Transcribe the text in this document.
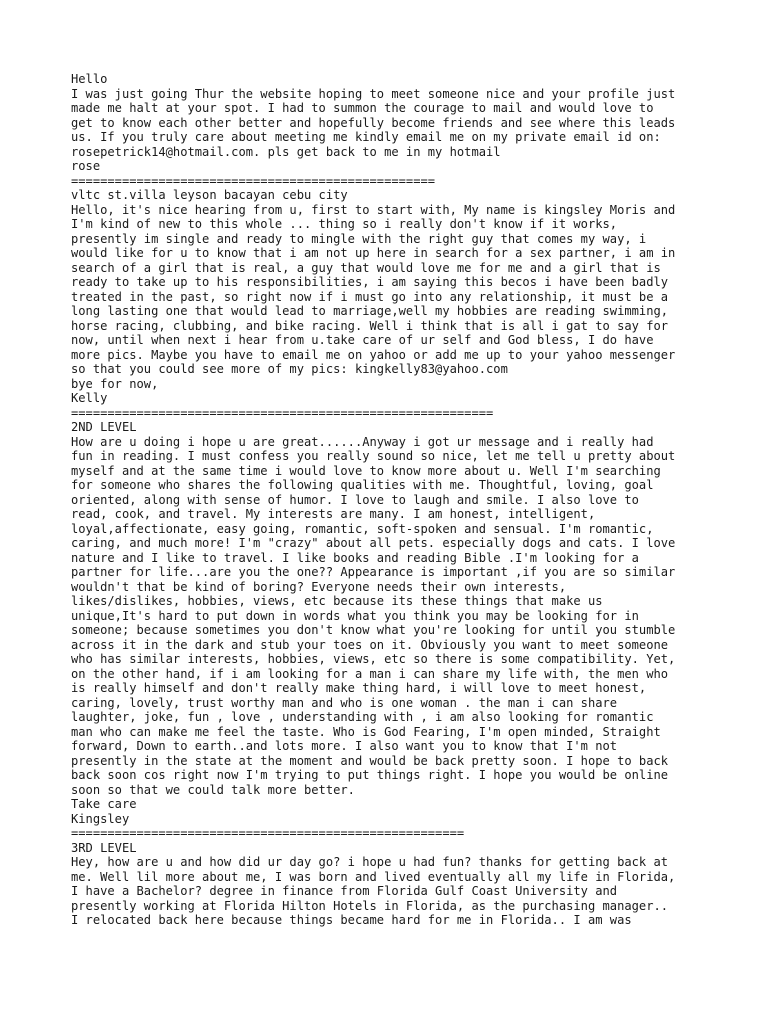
Hello
I was just going Thur the website hoping to meet someone nice and your profile just
made me halt at your spot. I had to summon the courage to mail and would love to
get to know each other better and hopefully become friends and see where this leads
us. If you truly care about meeting me kindly email me on my private email id on:
rosepetrick14@hotmail.com. pls get back to me in my hotmail
rose
==================================================
vltc st.villa leyson bacayan cebu city
Hello, it's nice hearing from u, first to start with, My name is kingsley Moris and
I'm kind of new to this whole ... thing so i really don't know if it works,
presently im single and ready to mingle with the right guy that comes my way, i
would like for u to know that i am not up here in search for a sex partner, i am in
search of a girl that is real, a guy that would love me for me and a girl that is
ready to take up to his responsibilities, i am saying this becos i have been badly
treated in the past, so right now if i must go into any relationship, it must be a
long lasting one that would lead to marriage,well my hobbies are reading swimming,
horse racing, clubbing, and bike racing. Well i think that is all i gat to say for
now, until when next i hear from u.take care of ur self and God bless, I do have
more pics. Maybe you have to email me on yahoo or add me up to your yahoo messenger
so that you could see more of my pics: kingkelly83@yahoo.com
bye for now,
Kelly
==========================================================
2ND LEVEL
How are u doing i hope u are great......Anyway i got ur message and i really had
fun in reading. I must confess you really sound so nice, let me tell u pretty about
myself and at the same time i would love to know more about u. Well I'm searching
for someone who shares the following qualities with me. Thoughtful, loving, goal
oriented, along with sense of humor. I love to laugh and smile. I also love to
read, cook, and travel. My interests are many. I am honest, intelligent,
loyal,affectionate, easy going, romantic, soft-spoken and sensual. I'm romantic,
caring, and much more! I'm "crazy" about all pets. especially dogs and cats. I love
nature and I like to travel. I like books and reading Bible .I'm looking for a
partner for life...are you the one?? Appearance is important ,if you are so similar
wouldn't that be kind of boring? Everyone needs their own interests,
likes/dislikes, hobbies, views, etc because its these things that make us
unique,It's hard to put down in words what you think you may be looking for in
someone; because sometimes you don't know what you're looking for until you stumble
across it in the dark and stub your toes on it. Obviously you want to meet someone
who has similar interests, hobbies, views, etc so there is some compatibility. Yet,
on the other hand, if i am looking for a man i can share my life with, the men who
is really himself and don't really make thing hard, i will love to meet honest,
caring, lovely, trust worthy man and who is one woman . the man i can share
laughter, joke, fun , love , understanding with , i am also looking for romantic
man who can make me feel the taste. Who is God Fearing, I'm open minded, Straight
forward, Down to earth..and lots more. I also want you to know that I'm not
presently in the state at the moment and would be back pretty soon. I hope to back
back soon cos right now I'm trying to put things right. I hope you would be online
soon so that we could talk more better.
Take care
Kingsley
======================================================
3RD LEVEL
Hey, how are u and how did ur day go? i hope u had fun? thanks for getting back at
me. Well lil more about me, I was born and lived eventually all my life in Florida,
I have a Bachelor? degree in finance from Florida Gulf Coast University and
presently working at Florida Hilton Hotels in Florida, as the purchasing manager..
I relocated back here because things became hard for me in Florida.. I am was
